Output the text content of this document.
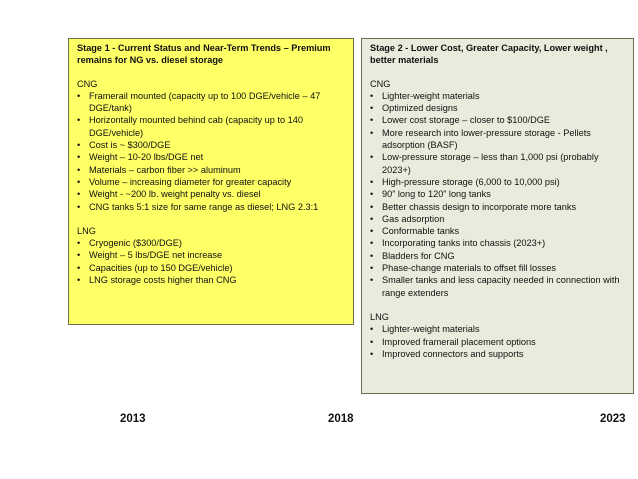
Stage 1 - Current Status and Near-Term Trends – Premium remains for NG vs. diesel storage
CNG
• Framerail mounted (capacity up to 100 DGE/vehicle – 47 DGE/tank)
• Horizontally mounted behind cab (capacity up to 140 DGE/vehicle)
• Cost is ~ $300/DGE
• Weight – 10-20 lbs/DGE net
• Materials – carbon fiber >> aluminum
• Volume – increasing diameter for greater capacity
• Weight - ~200 lb. weight penalty vs. diesel
• CNG tanks 5:1 size for same range as diesel; LNG 2.3:1
LNG
• Cryogenic ($300/DGE)
• Weight – 5 lbs/DGE net increase
• Capacities (up to 150 DGE/vehicle)
• LNG storage costs higher than CNG
Stage 2 - Lower Cost, Greater Capacity, Lower weight , better materials
CNG
• Lighter-weight materials
• Optimized designs
• Lower cost storage – closer to $100/DGE
• More research into lower-pressure storage - Pellets adsorption (BASF)
• Low-pressure storage – less than 1,000 psi (probably 2023+)
• High-pressure storage (6,000 to 10,000 psi)
• 90” long to 120” long tanks
• Better chassis design to incorporate more tanks
• Gas adsorption
• Conformable tanks
• Incorporating tanks into chassis (2023+)
• Bladders for CNG
• Phase-change materials to offset fill losses
• Smaller tanks and less capacity needed in connection with range extenders
LNG
• Lighter-weight materials
• Improved framerail placement options
• Improved connectors and supports
2013	2018	2023
